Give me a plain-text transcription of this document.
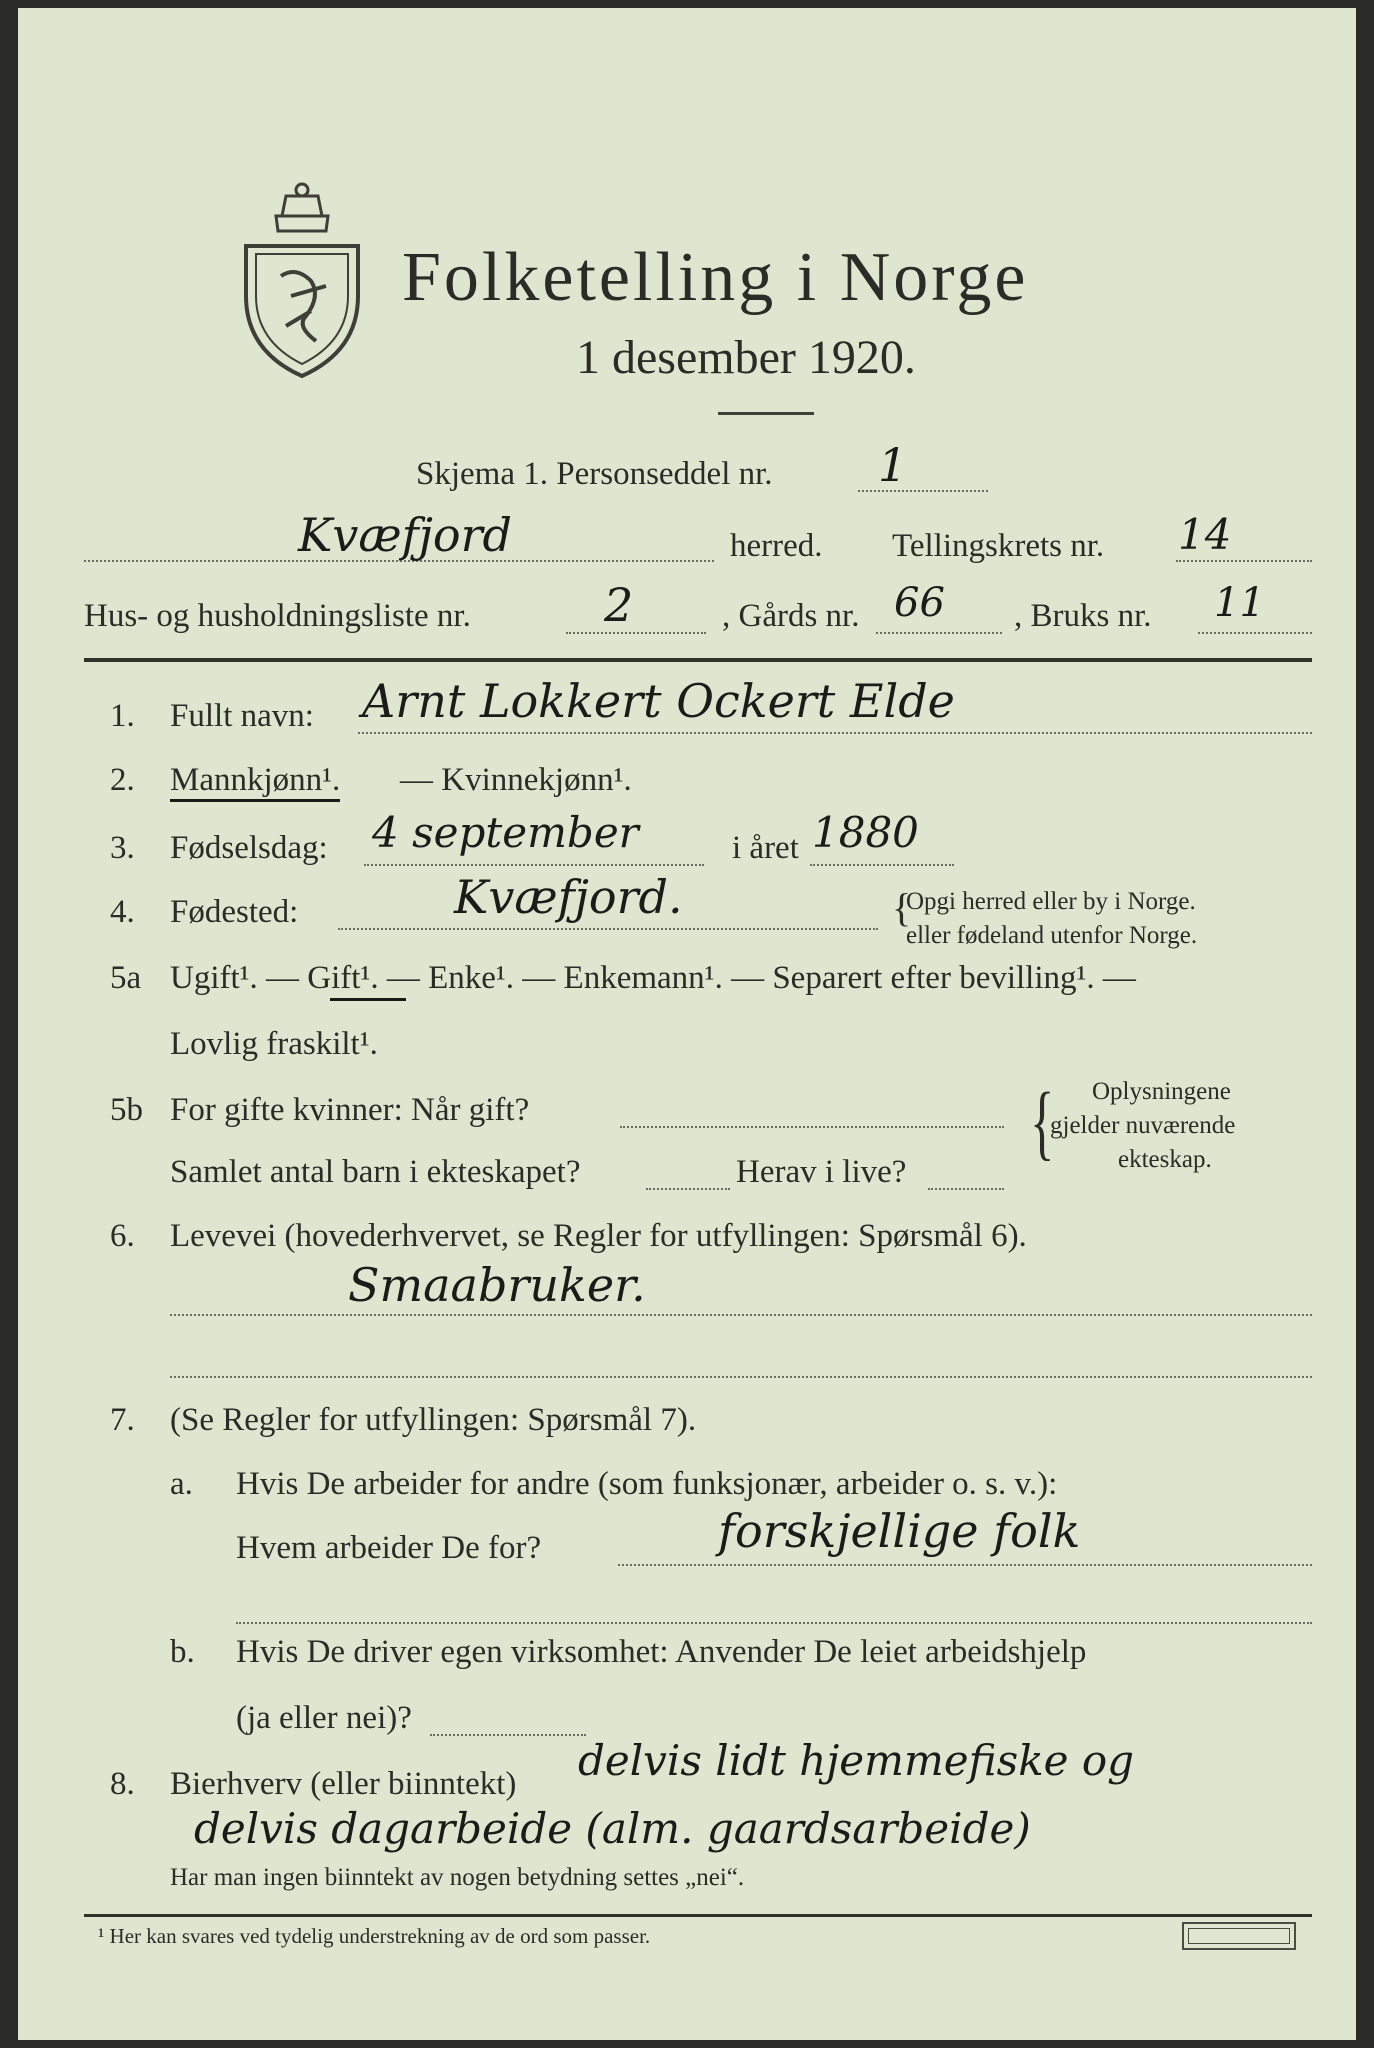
Folketelling i Norge
1 desember 1920.
Skjema 1. Personseddel nr. 1
Kvæfjord	herred. Tellingskrets nr. 14
Hus- og husholdningsliste nr.	2	, Gårds nr. 66 , Bruks nr. 11
1. Fullt navn: Arnt Lokkert Ockert Elde
2. Mannkjønn¹. — Kvinnekjønn¹.
3. Fødselsdag: 4 september	i året 1880
4. Fødested:	Kvæfjord.	{
Opgi herred eller by i Norge.
eller fødeland utenfor Norge.
5a Ugift¹. — Gift¹. — Enke¹. — Enkemann¹. — Separert efter bevilling¹. —
Lovlig fraskilt¹.
5b For gifte kvinner: Når gift?
Samlet antal barn i ekteskapet?	Herav i live?
{ Oplysningene
gjelder nuværende
ekteskap.
6. Levevei (hovederhvervet, se Regler for utfyllingen: Spørsmål 6).
Smaabruker.
7. (Se Regler for utfyllingen: Spørsmål 7).
a. Hvis De arbeider for andre (som funksjonær, arbeider o. s. v.):
Hvem arbeider De for?	forskjellige folk
b. Hvis De driver egen virksomhet: Anvender De leiet arbeidshjelp
(ja eller nei)?
8. Bierhverv (eller biinntekt) delvis lidt hjemmefiske og
delvis dagarbeide (alm. gaardsarbeide)
Har man ingen biinntekt av nogen betydning settes „nei“.
¹ Her kan svares ved tydelig understrekning av de ord som passer.
